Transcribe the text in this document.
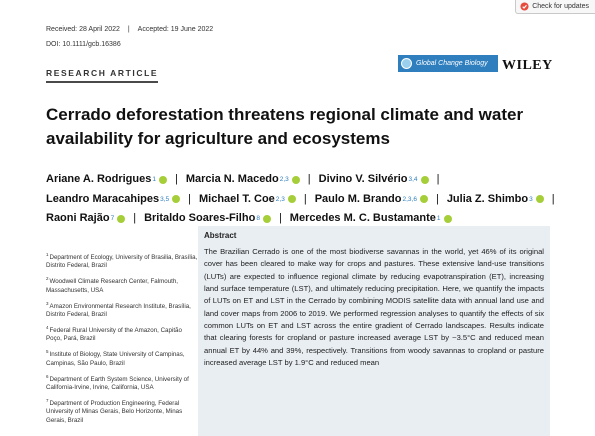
Received: 28 April 2022 | Accepted: 19 June 2022
DOI: 10.1111/gcb.16386
Check for updates
RESEARCH ARTICLE
Global Change Biology WILEY
Cerrado deforestation threatens regional climate and water availability for agriculture and ecosystems
Ariane A. Rodrigues 1 | Marcia N. Macedo 2,3 | Divino V. Silvério 3,4 |
Leandro Maracahipes 3,5 | Michael T. Coe 2,3 | Paulo M. Brando 2,3,6 | Julia Z. Shimbo 3 |
Raoni Rajão 7 | Britaldo Soares-Filho 8 | Mercedes M. C. Bustamante 1
$^1$Department of Ecology, University of Brasilia, Brasília, Distrito Federal, Brazil
$^2$Woodwell Climate Research Center, Falmouth, Massachusetts, USA
$^3$Amazon Environmental Research Institute, Brasília, Distrito Federal, Brazil
$^4$Federal Rural University of the Amazon, Capitão Poço, Pará, Brazil
$^5$Institute of Biology, State University of Campinas, Campinas, São Paulo, Brazil
$^6$Department of Earth System Science, University of California-Irvine, Irvine, California, USA
$^7$Department of Production Engineering, Federal University of Minas Gerais, Belo Horizonte, Minas Gerais, Brazil
Abstract
The Brazilian Cerrado is one of the most biodiverse savannas in the world, yet 46% of its original cover has been cleared to make way for crops and pastures. These extensive land-use transitions (LUTs) are expected to influence regional climate by reducing evapotranspiration (ET), increasing land surface temperature (LST), and ultimately reducing precipitation. Here, we quantify the impacts of LUTs on ET and LST in the Cerrado by combining MODIS satellite data with annual land use and land cover maps from 2006 to 2019. We performed regression analyses to quantify the effects of six common LUTs on ET and LST across the entire gradient of Cerrado landscapes. Results indicate that clearing forests for cropland or pasture increased average LST by ~3.5°C and reduced mean annual ET by 44% and 39%, respectively. Transitions from woody savannas to cropland or pasture increased average LST by 1.9°C and reduced mean
